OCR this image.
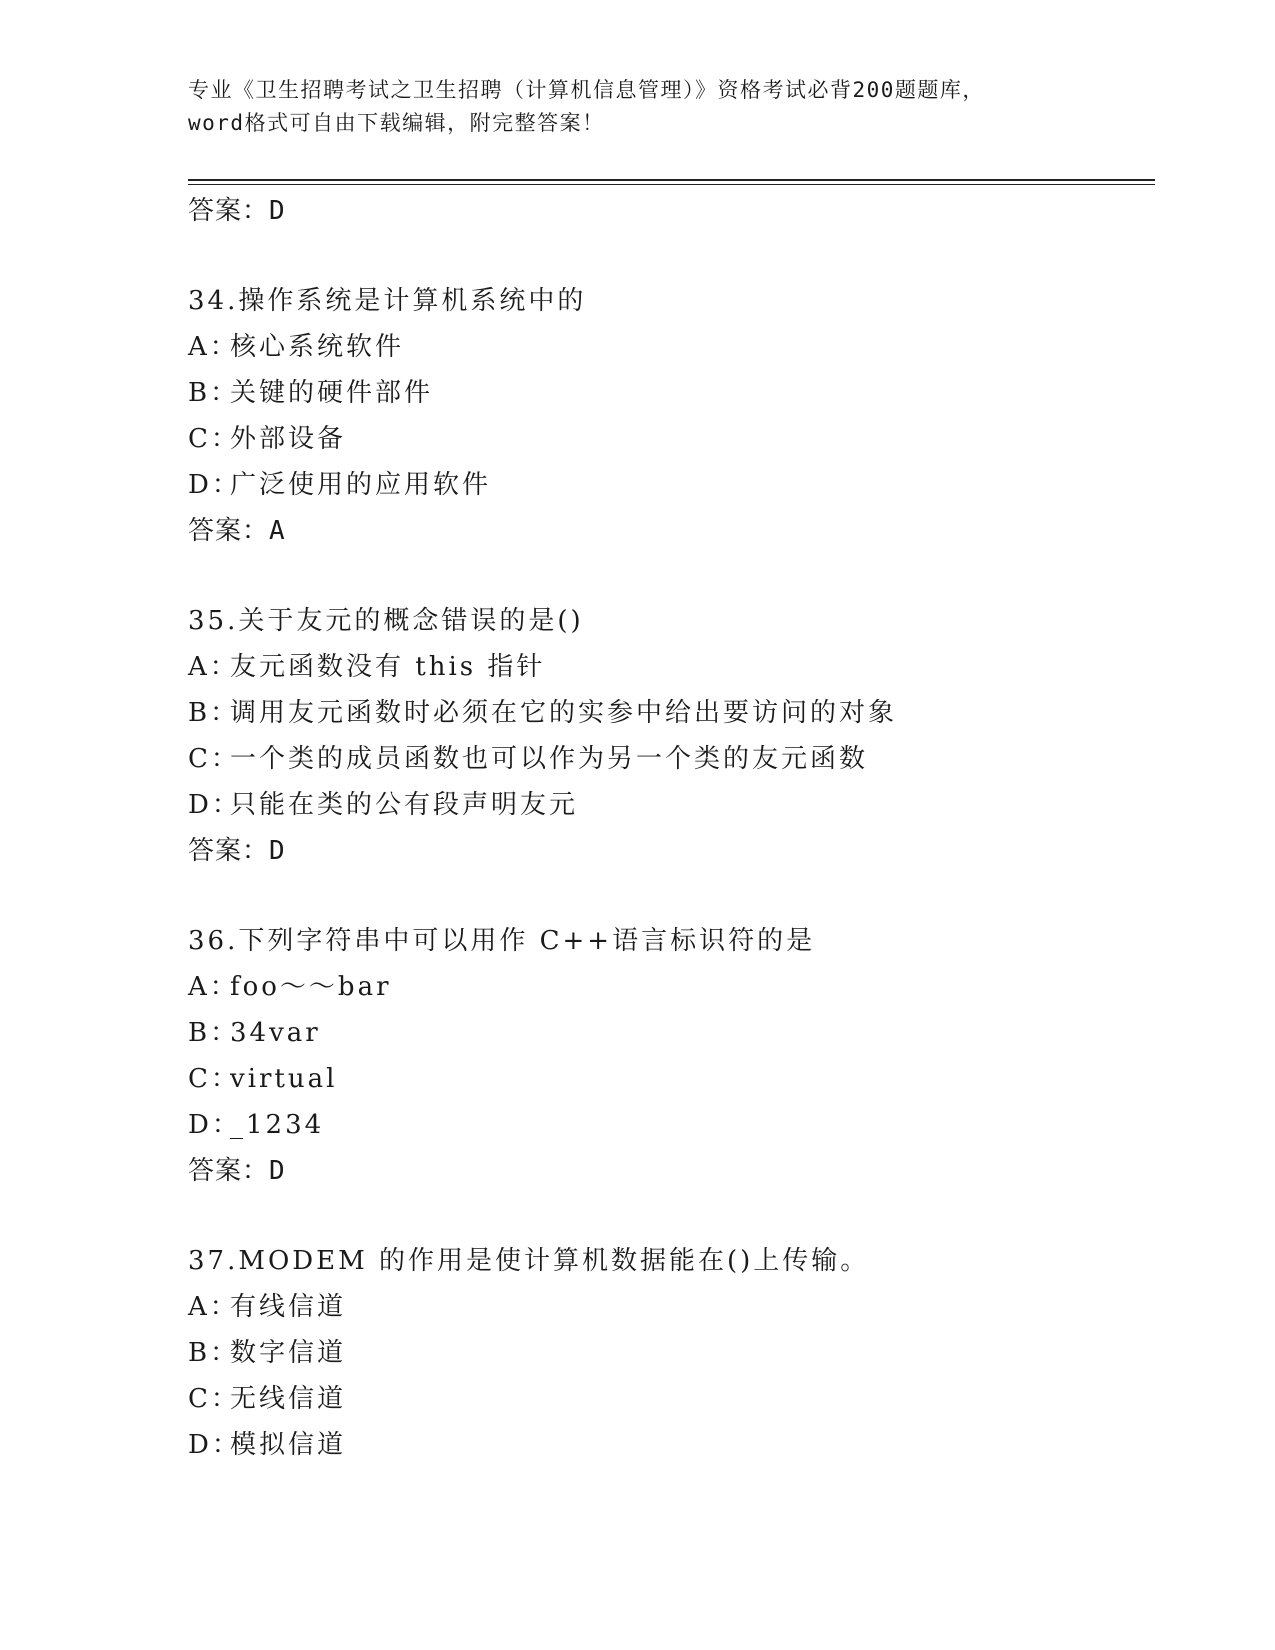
专业《卫生招聘考试之卫生招聘（计算机信息管理）》资格考试必背200题题库，
word格式可自由下载编辑，附完整答案！
答案：D
34.操作系统是计算机系统中的
A：核心系统软件
B：关键的硬件部件
C：外部设备
D：广泛使用的应用软件
答案：A
35.关于友元的概念错误的是()
A：友元函数没有 this 指针
B：调用友元函数时必须在它的实参中给出要访问的对象
C：一个类的成员函数也可以作为另一个类的友元函数
D：只能在类的公有段声明友元
答案：D
36.下列字符串中可以用作 C++语言标识符的是
A：foo～～bar
B：34var
C：virtual
D：_1234
答案：D
37.MODEM 的作用是使计算机数据能在()上传输。
A：有线信道
B：数字信道
C：无线信道
D：模拟信道
